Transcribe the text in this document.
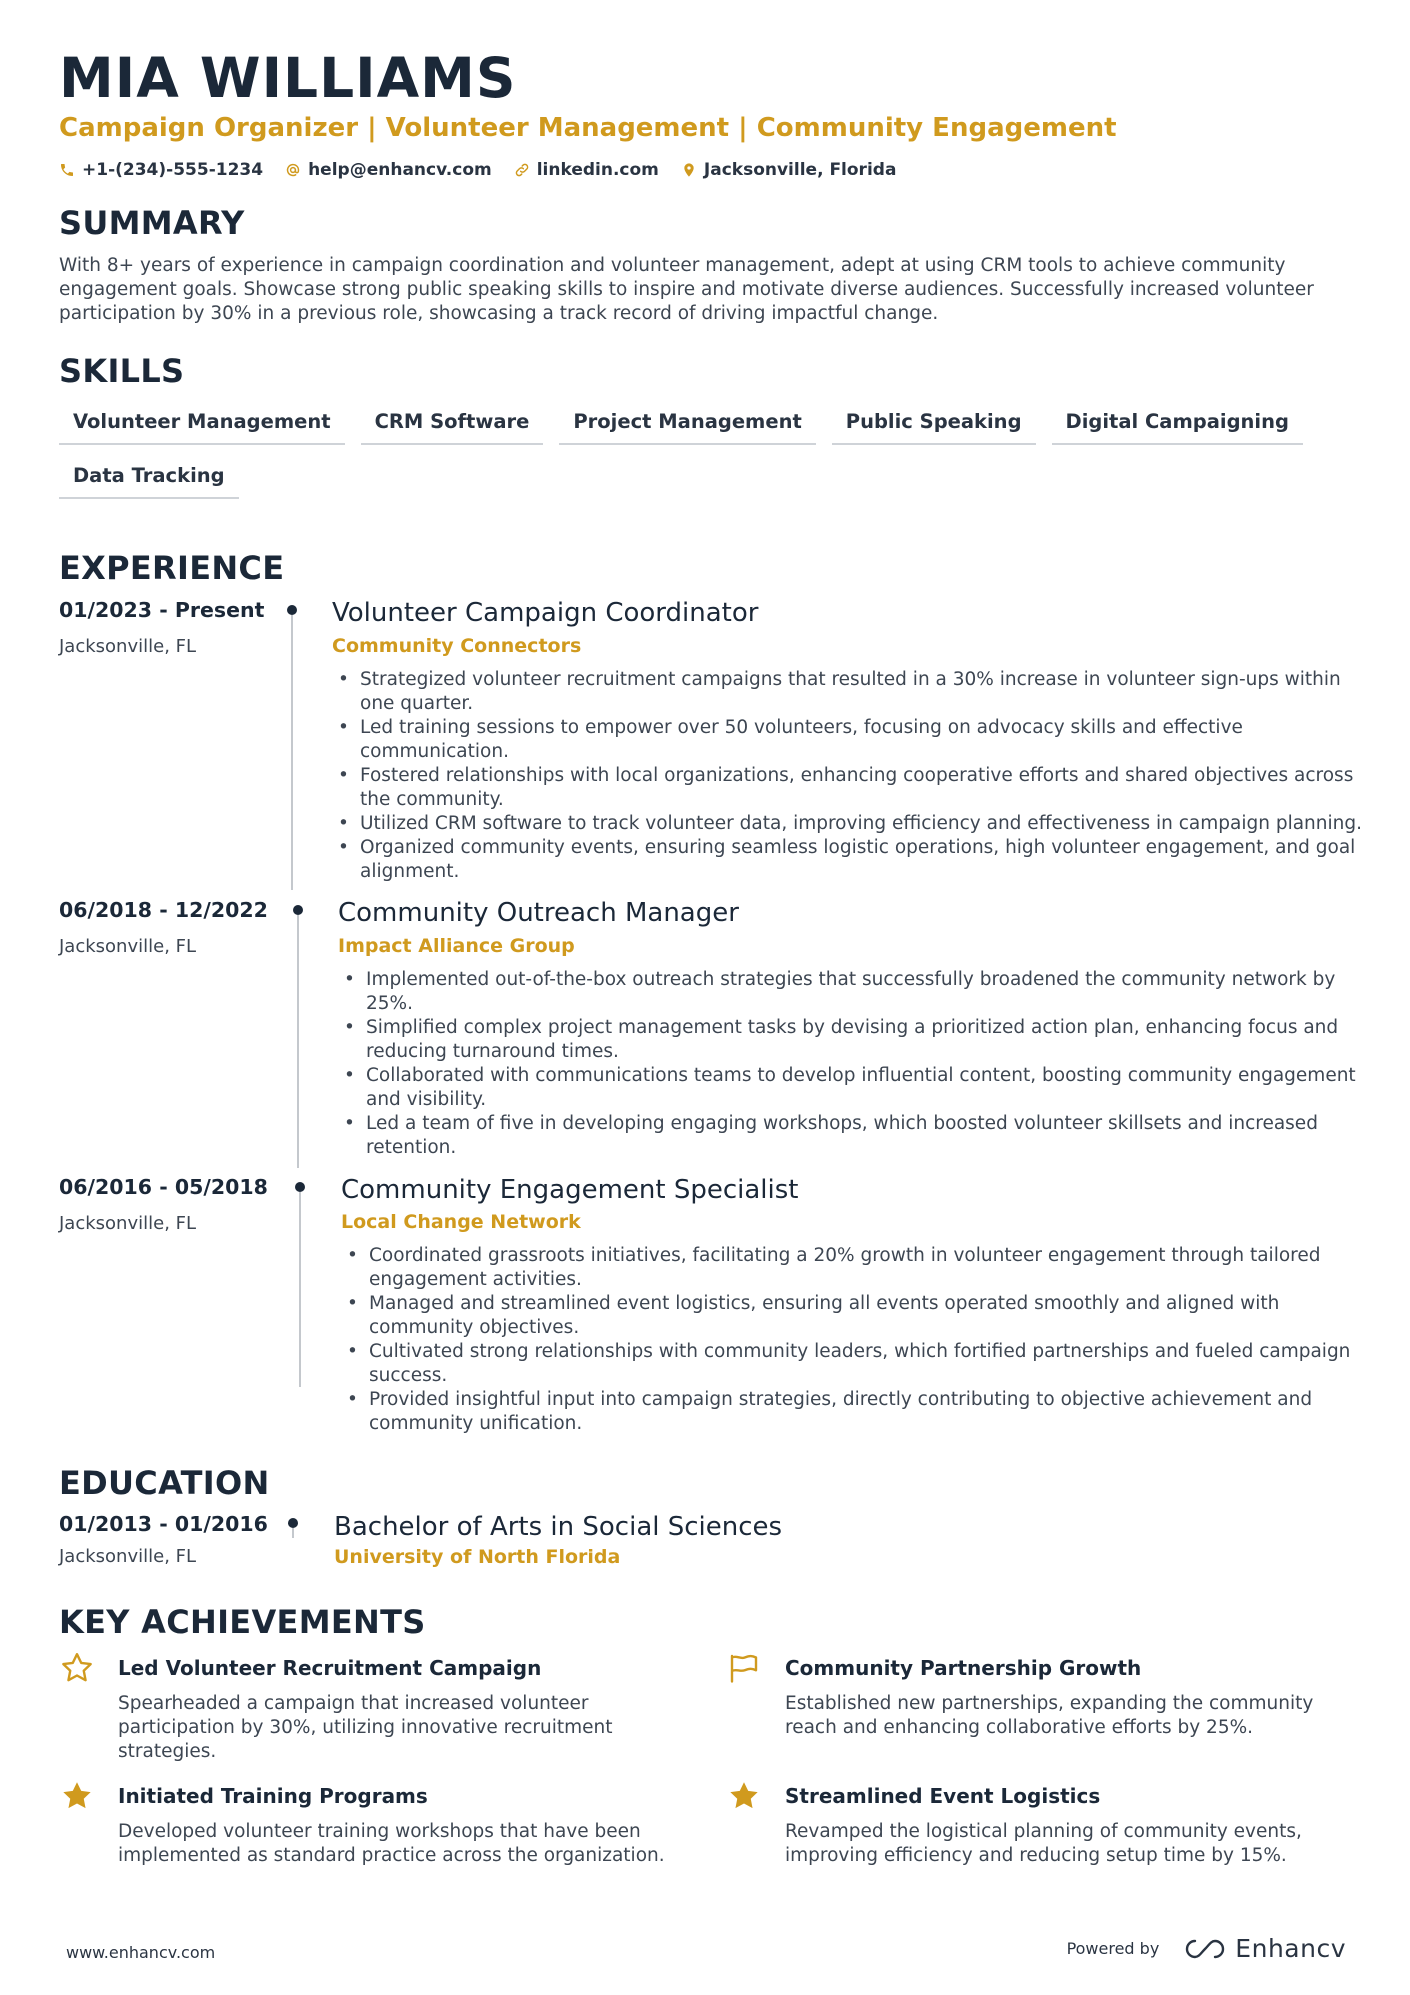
MIA WILLIAMS
Campaign Organizer | Volunteer Management | Community Engagement
+1-(234)-555-1234	help@enhancv.com	linkedin.com	Jacksonville, Florida
SUMMARY
With 8+ years of experience in campaign coordination and volunteer management, adept at using CRM tools to achieve community engagement goals. Showcase strong public speaking skills to inspire and motivate diverse audiences. Successfully increased volunteer participation by 30% in a previous role, showcasing a track record of driving impactful change.
SKILLS
Volunteer Management	CRM Software	Project Management	Public Speaking	Digital Campaigning
Data Tracking
EXPERIENCE
01/2023 - Present
Jacksonville, FL
Volunteer Campaign Coordinator
Community Connectors
• Strategized volunteer recruitment campaigns that resulted in a 30% increase in volunteer sign-ups within one quarter.
• Led training sessions to empower over 50 volunteers, focusing on advocacy skills and effective communication.
• Fostered relationships with local organizations, enhancing cooperative efforts and shared objectives across the community.
• Utilized CRM software to track volunteer data, improving efficiency and effectiveness in campaign planning.
• Organized community events, ensuring seamless logistic operations, high volunteer engagement, and goal alignment.
06/2018 - 12/2022
Jacksonville, FL
Community Outreach Manager
Impact Alliance Group
• Implemented out-of-the-box outreach strategies that successfully broadened the community network by 25%.
• Simplified complex project management tasks by devising a prioritized action plan, enhancing focus and reducing turnaround times.
• Collaborated with communications teams to develop influential content, boosting community engagement and visibility.
• Led a team of five in developing engaging workshops, which boosted volunteer skillsets and increased retention.
06/2016 - 05/2018
Jacksonville, FL
Community Engagement Specialist
Local Change Network
• Coordinated grassroots initiatives, facilitating a 20% growth in volunteer engagement through tailored engagement activities.
• Managed and streamlined event logistics, ensuring all events operated smoothly and aligned with community objectives.
• Cultivated strong relationships with community leaders, which fortified partnerships and fueled campaign success.
• Provided insightful input into campaign strategies, directly contributing to objective achievement and community unification.
EDUCATION
01/2013 - 01/2016
Jacksonville, FL
Bachelor of Arts in Social Sciences
University of North Florida
KEY ACHIEVEMENTS
Led Volunteer Recruitment Campaign
Spearheaded a campaign that increased volunteer participation by 30%, utilizing innovative recruitment strategies.
Community Partnership Growth
Established new partnerships, expanding the community reach and enhancing collaborative efforts by 25%.
Initiated Training Programs
Developed volunteer training workshops that have been implemented as standard practice across the organization.
Streamlined Event Logistics
Revamped the logistical planning of community events, improving efficiency and reducing setup time by 15%.
www.enhancv.com	Powered by	Enhancv
